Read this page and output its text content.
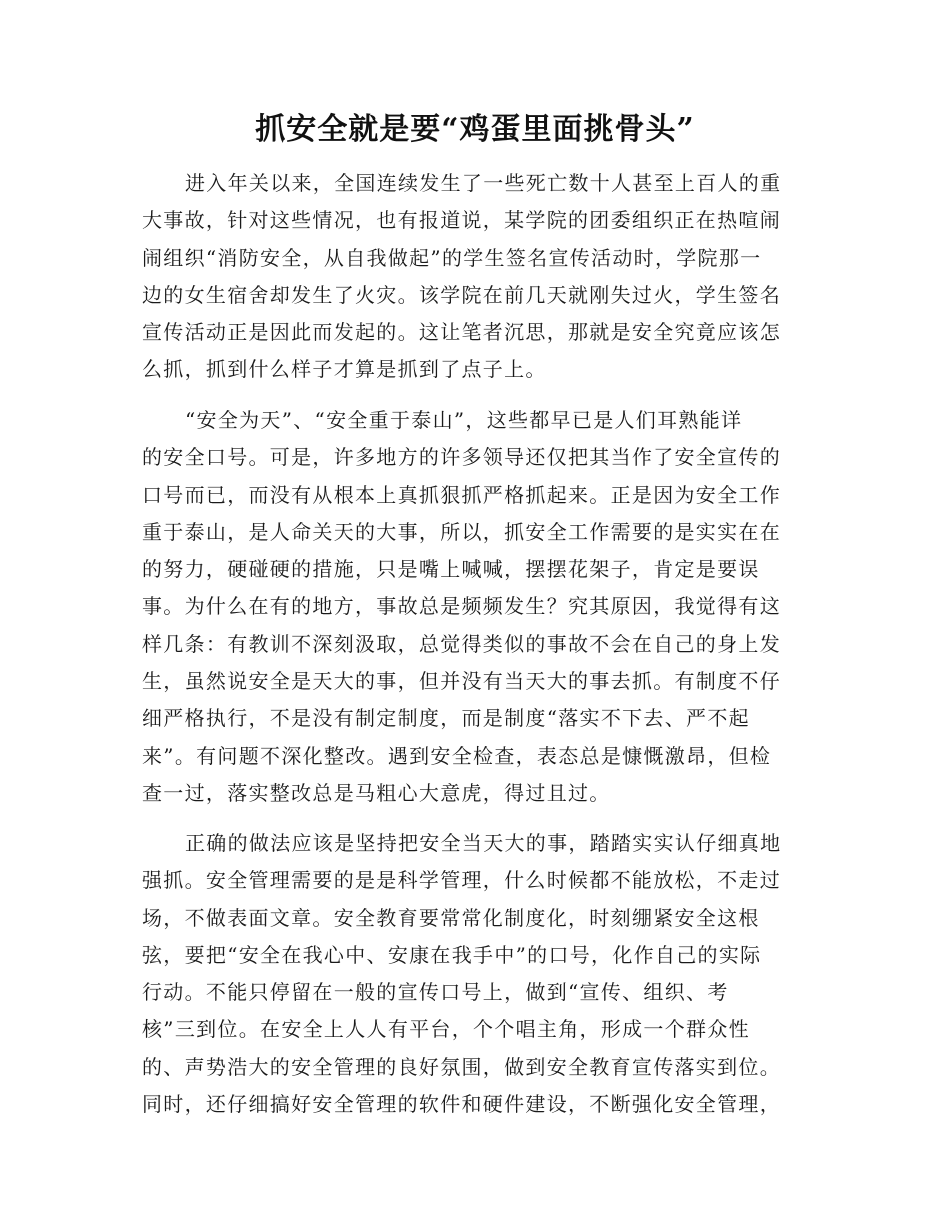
抓安全就是要“鸡蛋里面挑骨头”
进入年关以来，全国连续发生了一些死亡数十人甚至上百人的重
大事故，针对这些情况，也有报道说，某学院的团委组织正在热喧闹
闹组织“消防安全，从自我做起”的学生签名宣传活动时，学院那一
边的女生宿舍却发生了火灾。该学院在前几天就刚失过火，学生签名
宣传活动正是因此而发起的。这让笔者沉思，那就是安全究竟应该怎
么抓，抓到什么样子才算是抓到了点子上。
“安全为天”、“安全重于泰山”，这些都早已是人们耳熟能详
的安全口号。可是，许多地方的许多领导还仅把其当作了安全宣传的
口号而已，而没有从根本上真抓狠抓严格抓起来。正是因为安全工作
重于泰山，是人命关天的大事，所以，抓安全工作需要的是实实在在
的努力，硬碰硬的措施，只是嘴上喊喊，摆摆花架子，肯定是要误
事。为什么在有的地方，事故总是频频发生？究其原因，我觉得有这
样几条：有教训不深刻汲取，总觉得类似的事故不会在自己的身上发
生，虽然说安全是天大的事，但并没有当天大的事去抓。有制度不仔
细严格执行，不是没有制定制度，而是制度“落实不下去、严不起
来”。有问题不深化整改。遇到安全检查，表态总是慷慨激昂，但检
查一过，落实整改总是马粗心大意虎，得过且过。
正确的做法应该是坚持把安全当天大的事，踏踏实实认仔细真地
强抓。安全管理需要的是是科学管理，什么时候都不能放松，不走过
场，不做表面文章。安全教育要常常化制度化，时刻绷紧安全这根
弦，要把“安全在我心中、安康在我手中”的口号，化作自己的实际
行动。不能只停留在一般的宣传口号上，做到“宣传、组织、考
核”三到位。在安全上人人有平台，个个唱主角，形成一个群众性
的、声势浩大的安全管理的良好氛围，做到安全教育宣传落实到位。
同时，还仔细搞好安全管理的软件和硬件建设，不断强化安全管理，
